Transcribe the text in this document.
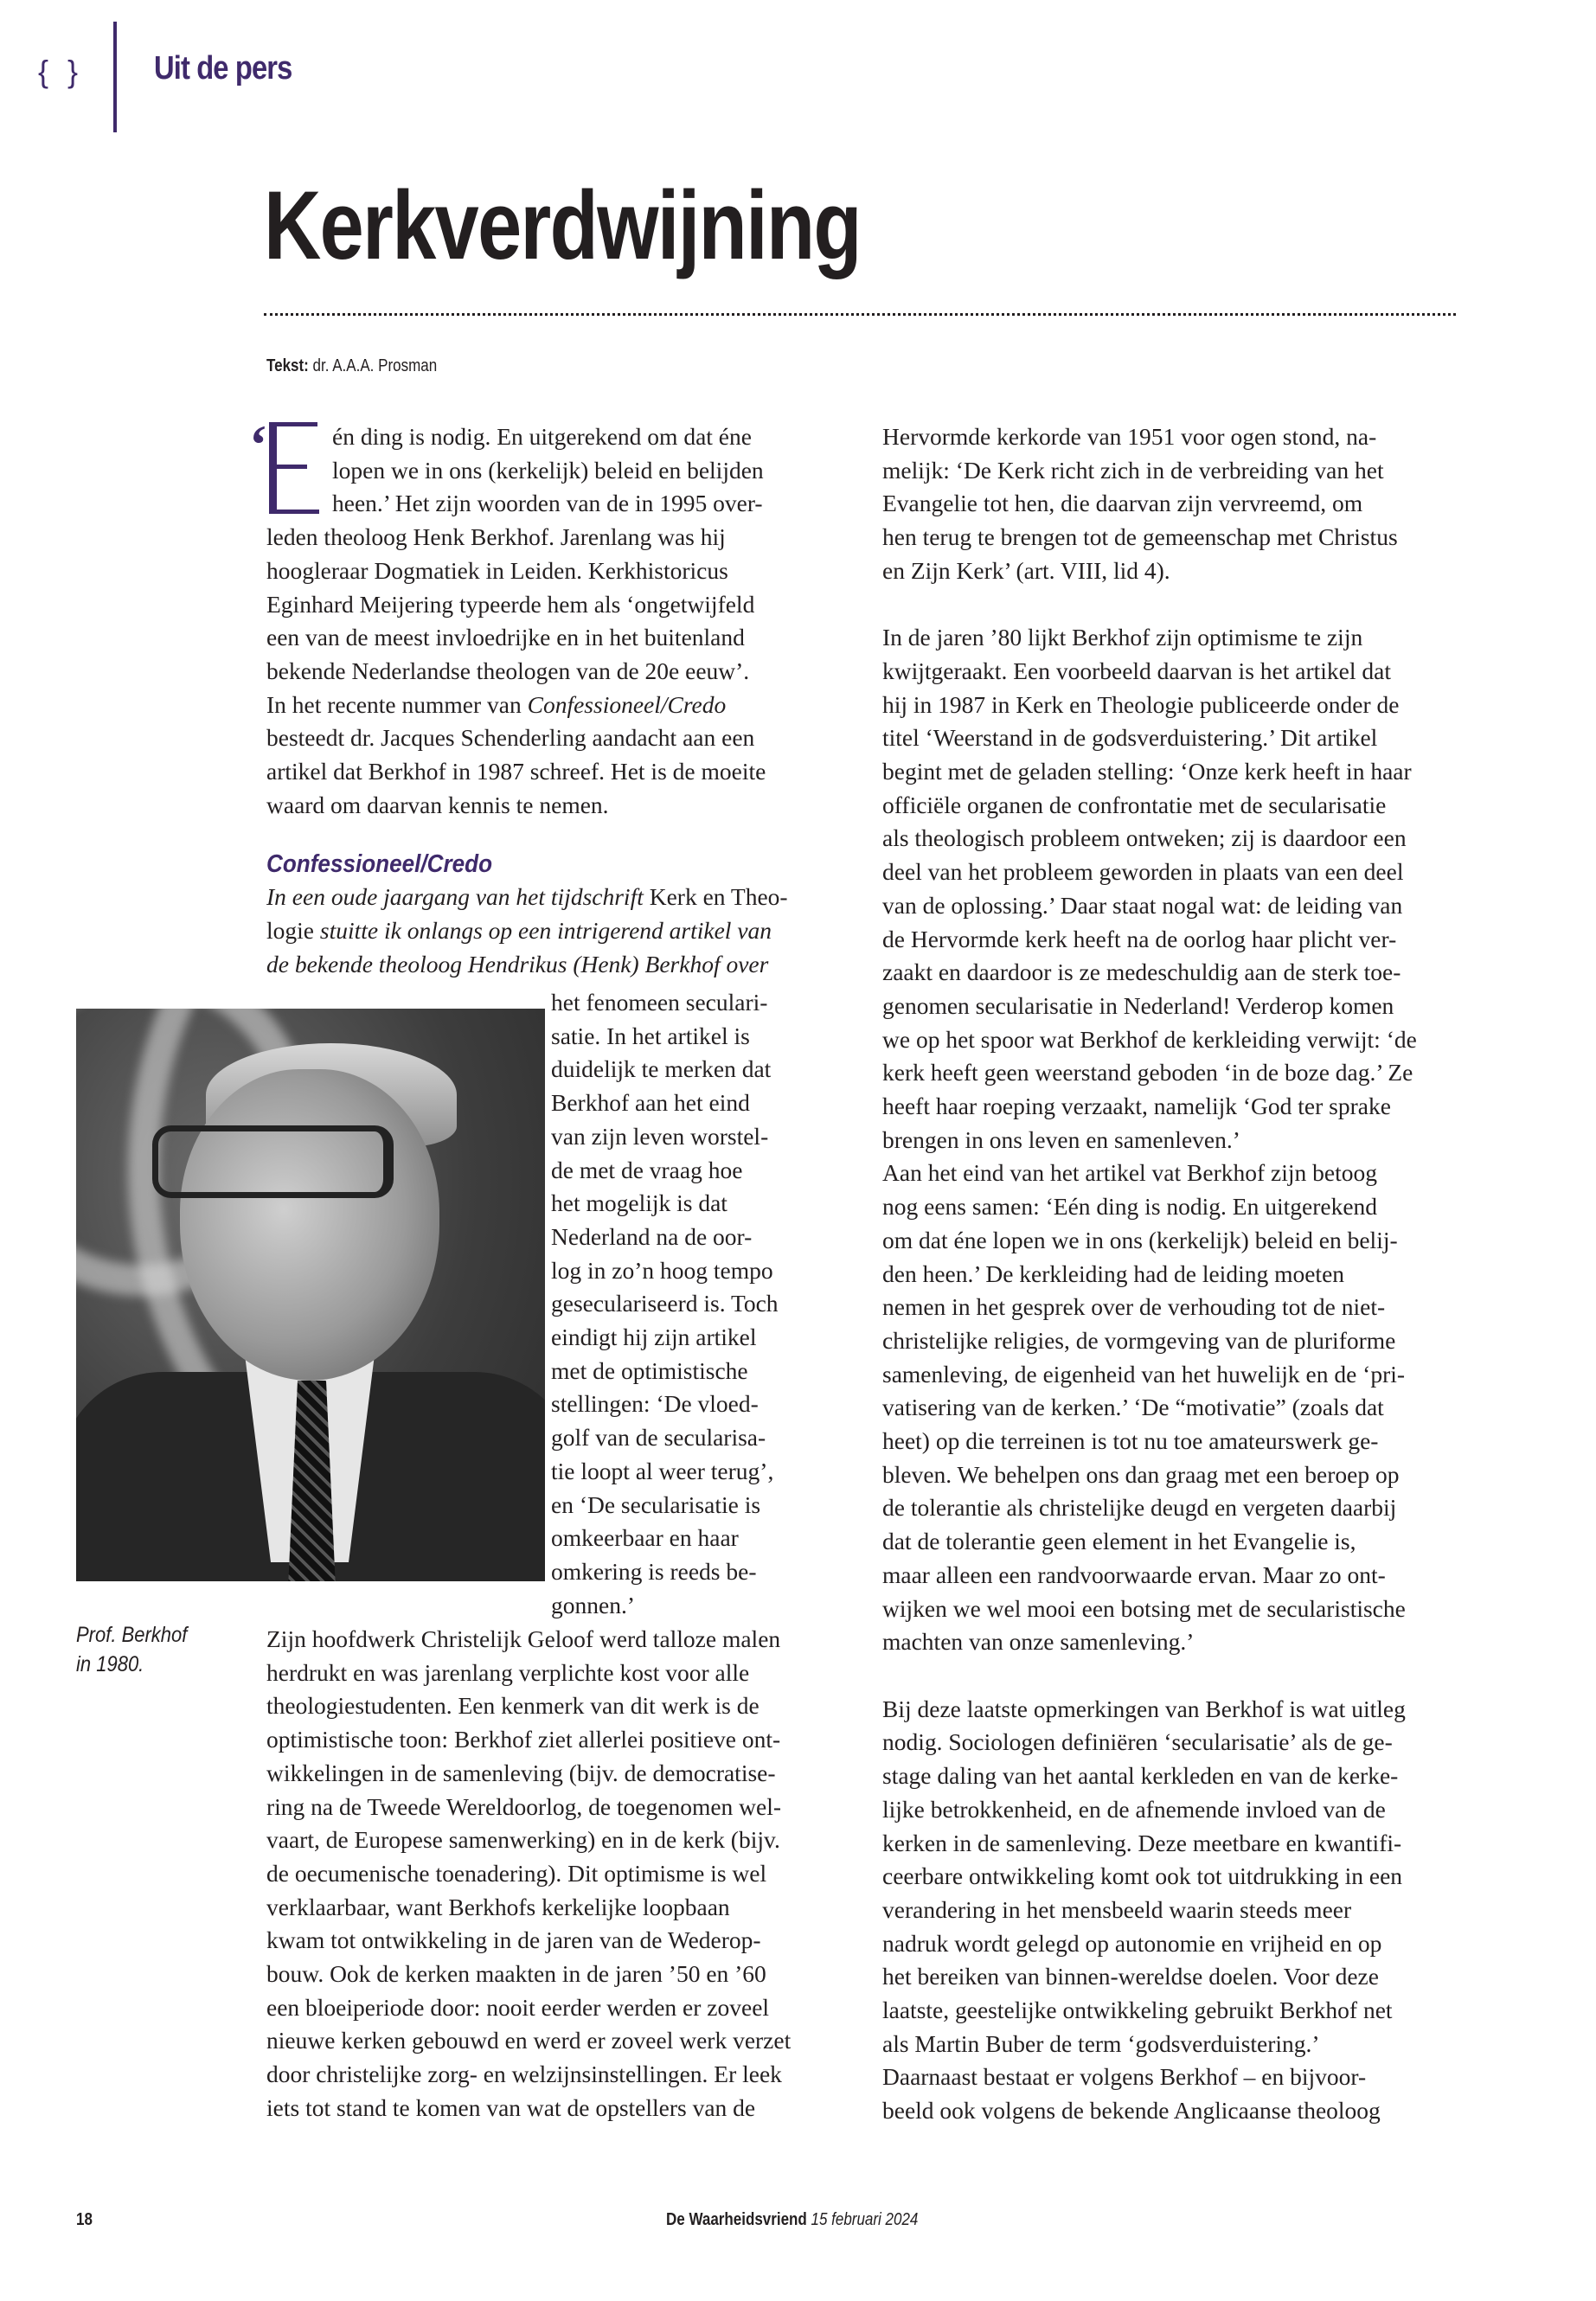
{ } Uit de pers
Kerkverdwijning
Tekst: dr. A.A.A. Prosman
‘	én ding is nodig. En uitgerekend om dat éne
lopen we in ons (kerkelijk) beleid en belijden
heen.’ Het zijn woorden van de in 1995 over-
leden theoloog Henk Berkhof. Jarenlang was hij
hoogleraar Dogmatiek in Leiden. Kerkhistoricus
Eginhard Meijering typeerde hem als ‘ongetwijfeld
een van de meest invloedrijke en in het buitenland
bekende Nederlandse theologen van de 20e eeuw’.
In het recente nummer van Confessioneel/Credo
besteedt dr. Jacques Schenderling aandacht aan een
artikel dat Berkhof in 1987 schreef. Het is de moeite
waard om daarvan kennis te nemen.
Confessioneel/Credo
In een oude jaargang van het tijdschrift Kerk en Theo-
logie stuitte ik onlangs op een intrigerend artikel van
de bekende theoloog Hendrikus (Henk) Berkhof over
Prof. Berkhof
in 1980.
het fenomeen seculari-
satie. In het artikel is
duidelijk te merken dat
Berkhof aan het eind
van zijn leven worstel-
de met de vraag hoe
het mogelijk is dat
Nederland na de oor-
log in zo’n hoog tempo
geseculariseerd is. Toch
eindigt hij zijn artikel
met de optimistische
stellingen: ‘De vloed-
golf van de secularisa-
tie loopt al weer terug’,
en ‘De secularisatie is
omkeerbaar en haar
omkering is reeds be-
gonnen.’
Zijn hoofdwerk Christelijk Geloof werd talloze malen
herdrukt en was jarenlang verplichte kost voor alle
theologiestudenten. Een kenmerk van dit werk is de
optimistische toon: Berkhof ziet allerlei positieve ont-
wikkelingen in de samenleving (bijv. de democratise-
ring na de Tweede Wereldoorlog, de toegenomen wel-
vaart, de Europese samenwerking) en in de kerk (bijv.
de oecumenische toenadering). Dit optimisme is wel
verklaarbaar, want Berkhofs kerkelijke loopbaan
kwam tot ontwikkeling in de jaren van de Wederop-
bouw. Ook de kerken maakten in de jaren ’50 en ’60
een bloeiperiode door: nooit eerder werden er zoveel
nieuwe kerken gebouwd en werd er zoveel werk verzet
door christelijke zorg- en welzijnsinstellingen. Er leek
iets tot stand te komen van wat de opstellers van de
Hervormde kerkorde van 1951 voor ogen stond, na-
melijk: ‘De Kerk richt zich in de verbreiding van het
Evangelie tot hen, die daarvan zijn vervreemd, om
hen terug te brengen tot de gemeenschap met Christus
en Zijn Kerk’ (art. VIII, lid 4).
In de jaren ’80 lijkt Berkhof zijn optimisme te zijn
kwijtgeraakt. Een voorbeeld daarvan is het artikel dat
hij in 1987 in Kerk en Theologie publiceerde onder de
titel ‘Weerstand in de godsverduistering.’ Dit artikel
begint met de geladen stelling: ‘Onze kerk heeft in haar
officiële organen de confrontatie met de secularisatie
als theologisch probleem ontweken; zij is daardoor een
deel van het probleem geworden in plaats van een deel
van de oplossing.’ Daar staat nogal wat: de leiding van
de Hervormde kerk heeft na de oorlog haar plicht ver-
zaakt en daardoor is ze medeschuldig aan de sterk toe-
genomen secularisatie in Nederland! Verderop komen
we op het spoor wat Berkhof de kerkleiding verwijt: ‘de
kerk heeft geen weerstand geboden ‘in de boze dag.’ Ze
heeft haar roeping verzaakt, namelijk ‘God ter sprake
brengen in ons leven en samenleven.’
Aan het eind van het artikel vat Berkhof zijn betoog
nog eens samen: ‘Eén ding is nodig. En uitgerekend
om dat éne lopen we in ons (kerkelijk) beleid en belij-
den heen.’ De kerkleiding had de leiding moeten
nemen in het gesprek over de verhouding tot de niet-
christelijke religies, de vormgeving van de pluriforme
samenleving, de eigenheid van het huwelijk en de ‘pri-
vatisering van de kerken.’ ‘De “motivatie” (zoals dat
heet) op die terreinen is tot nu toe amateurswerk ge-
bleven. We behelpen ons dan graag met een beroep op
de tolerantie als christelijke deugd en vergeten daarbij
dat de tolerantie geen element in het Evangelie is,
maar alleen een randvoorwaarde ervan. Maar zo ont-
wijken we wel mooi een botsing met de secularistische
machten van onze samenleving.’
Bij deze laatste opmerkingen van Berkhof is wat uitleg
nodig. Sociologen definiëren ‘secularisatie’ als de ge-
stage daling van het aantal kerkleden en van de kerke-
lijke betrokkenheid, en de afnemende invloed van de
kerken in de samenleving. Deze meetbare en kwantifi-
ceerbare ontwikkeling komt ook tot uitdrukking in een
verandering in het mensbeeld waarin steeds meer
nadruk wordt gelegd op autonomie en vrijheid en op
het bereiken van binnen-wereldse doelen. Voor deze
laatste, geestelijke ontwikkeling gebruikt Berkhof net
als Martin Buber de term ‘godsverduistering.’
Daarnaast bestaat er volgens Berkhof – en bijvoor-
beeld ook volgens de bekende Anglicaanse theoloog
18	De Waarheidsvriend 15 februari 2024
